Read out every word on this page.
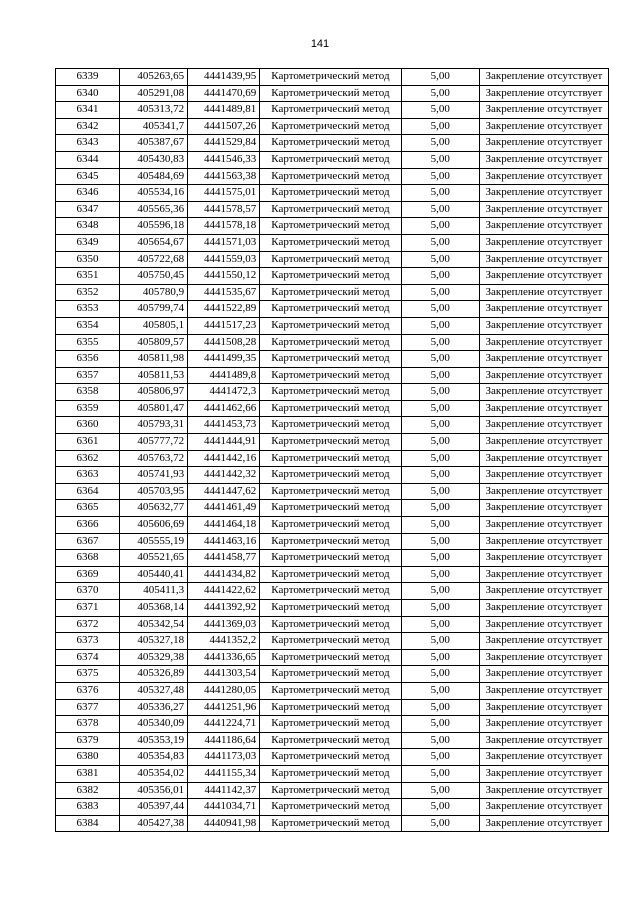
141
6339	405263,65	4441439,95	Картометрический метод	5,00	Закрепление отсутствует
6340	405291,08	4441470,69	Картометрический метод	5,00	Закрепление отсутствует
6341	405313,72	4441489,81	Картометрический метод	5,00	Закрепление отсутствует
6342	405341,7	4441507,26	Картометрический метод	5,00	Закрепление отсутствует
6343	405387,67	4441529,84	Картометрический метод	5,00	Закрепление отсутствует
6344	405430,83	4441546,33	Картометрический метод	5,00	Закрепление отсутствует
6345	405484,69	4441563,38	Картометрический метод	5,00	Закрепление отсутствует
6346	405534,16	4441575,01	Картометрический метод	5,00	Закрепление отсутствует
6347	405565,36	4441578,57	Картометрический метод	5,00	Закрепление отсутствует
6348	405596,18	4441578,18	Картометрический метод	5,00	Закрепление отсутствует
6349	405654,67	4441571,03	Картометрический метод	5,00	Закрепление отсутствует
6350	405722,68	4441559,03	Картометрический метод	5,00	Закрепление отсутствует
6351	405750,45	4441550,12	Картометрический метод	5,00	Закрепление отсутствует
6352	405780,9	4441535,67	Картометрический метод	5,00	Закрепление отсутствует
6353	405799,74	4441522,89	Картометрический метод	5,00	Закрепление отсутствует
6354	405805,1	4441517,23	Картометрический метод	5,00	Закрепление отсутствует
6355	405809,57	4441508,28	Картометрический метод	5,00	Закрепление отсутствует
6356	405811,98	4441499,35	Картометрический метод	5,00	Закрепление отсутствует
6357	405811,53	4441489,8	Картометрический метод	5,00	Закрепление отсутствует
6358	405806,97	4441472,3	Картометрический метод	5,00	Закрепление отсутствует
6359	405801,47	4441462,66	Картометрический метод	5,00	Закрепление отсутствует
6360	405793,31	4441453,73	Картометрический метод	5,00	Закрепление отсутствует
6361	405777,72	4441444,91	Картометрический метод	5,00	Закрепление отсутствует
6362	405763,72	4441442,16	Картометрический метод	5,00	Закрепление отсутствует
6363	405741,93	4441442,32	Картометрический метод	5,00	Закрепление отсутствует
6364	405703,95	4441447,62	Картометрический метод	5,00	Закрепление отсутствует
6365	405632,77	4441461,49	Картометрический метод	5,00	Закрепление отсутствует
6366	405606,69	4441464,18	Картометрический метод	5,00	Закрепление отсутствует
6367	405555,19	4441463,16	Картометрический метод	5,00	Закрепление отсутствует
6368	405521,65	4441458,77	Картометрический метод	5,00	Закрепление отсутствует
6369	405440,41	4441434,82	Картометрический метод	5,00	Закрепление отсутствует
6370	405411,3	4441422,62	Картометрический метод	5,00	Закрепление отсутствует
6371	405368,14	4441392,92	Картометрический метод	5,00	Закрепление отсутствует
6372	405342,54	4441369,03	Картометрический метод	5,00	Закрепление отсутствует
6373	405327,18	4441352,2	Картометрический метод	5,00	Закрепление отсутствует
6374	405329,38	4441336,65	Картометрический метод	5,00	Закрепление отсутствует
6375	405326,89	4441303,54	Картометрический метод	5,00	Закрепление отсутствует
6376	405327,48	4441280,05	Картометрический метод	5,00	Закрепление отсутствует
6377	405336,27	4441251,96	Картометрический метод	5,00	Закрепление отсутствует
6378	405340,09	4441224,71	Картометрический метод	5,00	Закрепление отсутствует
6379	405353,19	4441186,64	Картометрический метод	5,00	Закрепление отсутствует
6380	405354,83	4441173,03	Картометрический метод	5,00	Закрепление отсутствует
6381	405354,02	4441155,34	Картометрический метод	5,00	Закрепление отсутствует
6382	405356,01	4441142,37	Картометрический метод	5,00	Закрепление отсутствует
6383	405397,44	4441034,71	Картометрический метод	5,00	Закрепление отсутствует
6384	405427,38	4440941,98	Картометрический метод	5,00	Закрепление отсутствует
